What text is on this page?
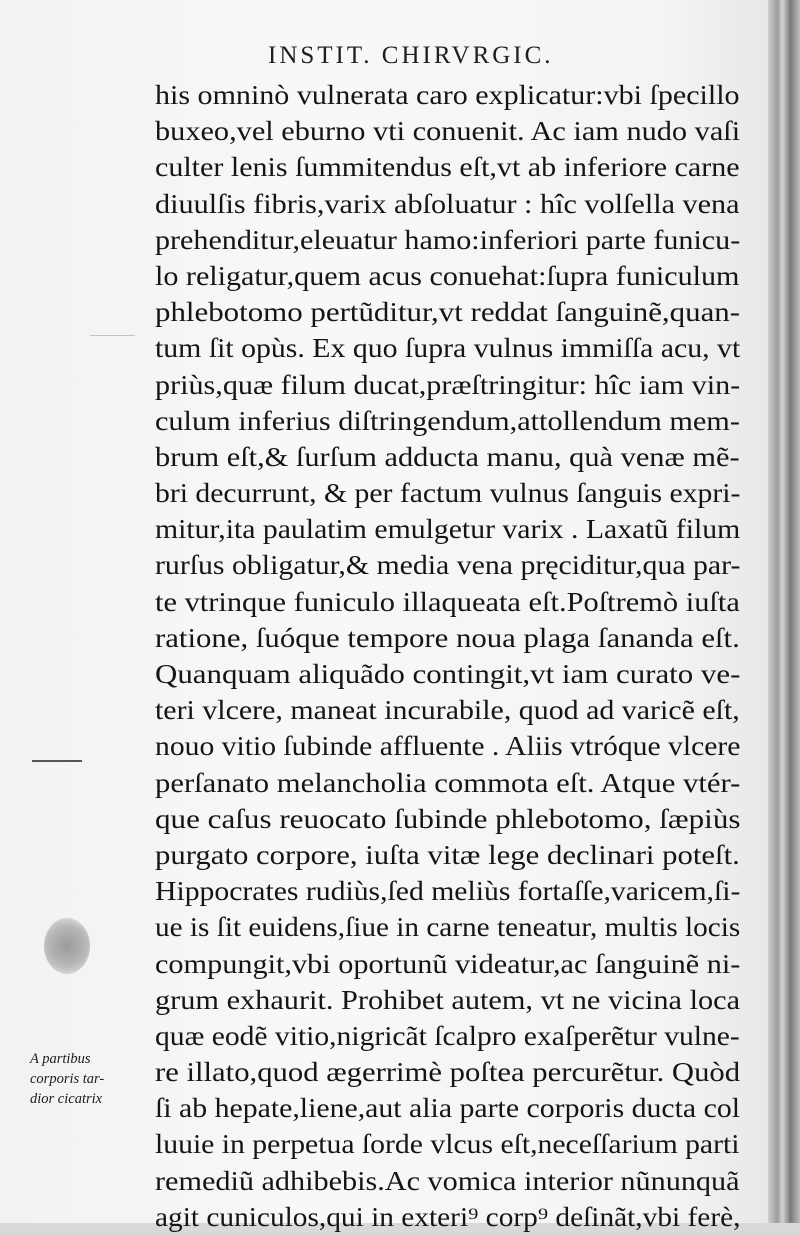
INSTIT. CHIRVRGIC.
his omninò vulnerata caro explicatur:vbi ſpecillo
buxeo,vel eburno vti conuenit. Ac iam nudo vaſi
culter lenis ſummitendus eſt,vt ab inferiore carne
diuulſis fibris,varix abſoluatur : hîc volſella vena
prehenditur,eleuatur hamo:inferiori parte funicu-
lo religatur,quem acus conuehat:ſupra funiculum
phlebotomo pertũditur,vt reddat ſanguinẽ,quan-
tum ſit opùs. Ex quo ſupra vulnus immiſſa acu, vt
priùs,quæ filum ducat,præſtringitur: hîc iam vin-
culum inferius diſtringendum,attollendum mem-
brum eſt,& ſurſum adducta manu, quà venæ mẽ-
bri decurrunt, & per factum vulnus ſanguis expri-
mitur,ita paulatim emulgetur varix . Laxatũ filum
rurſus obligatur,& media vena pręciditur,qua par-
te vtrinque funiculo illaqueata eſt.Poſtremò iuſta
ratione, ſuóque tempore noua plaga ſananda eſt.
Quanquam aliquãdo contingit,vt iam curato ve-
teri vlcere, maneat incurabile, quod ad varicẽ eſt,
nouo vitio ſubinde affluente . Aliis vtróque vlcere
perſanato melancholia commota eſt. Atque vtér-
que caſus reuocato ſubinde phlebotomo, ſæpiùs
purgato corpore, iuſta vitæ lege declinari poteſt.
Hippocrates rudiùs,ſed meliùs fortaſſe,varicem,ſi-
ue is ſit euidens,ſiue in carne teneatur, multis locis
compungit,vbi oportunũ videatur,ac ſanguinẽ ni-
grum exhaurit. Prohibet autem, vt ne vicina loca
quæ eodẽ vitio,nigricãt ſcalpro exaſperẽtur vulne-
re illato,quod ægerrimè poſtea percurẽtur. Quòd
ſi ab hepate,liene,aut alia parte corporis ducta col
luuie in perpetua ſorde vlcus eſt,neceſſarium parti
remediũ adhibebis.Ac vomica interior nũnunquã
agit cuniculos,qui in exteri⁹ corp⁹ deſinãt,vbi ferè,
A partibus
corporis tar-
dior cicatrix
